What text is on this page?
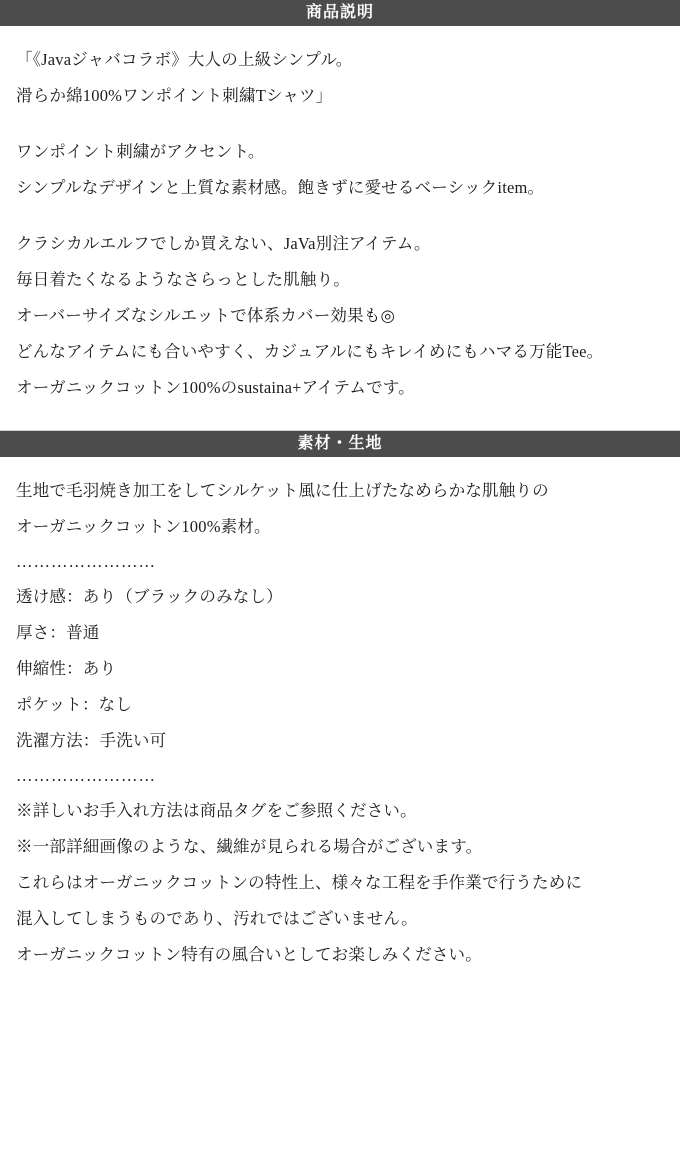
商品説明
「《Javaジャバコラボ》大人の上級シンプル。
滑らか綿100%ワンポイント刺繍Tシャツ」
ワンポイント刺繍がアクセント。
シンプルなデザインと上質な素材感。飽きずに愛せるベーシックitem。
クラシカルエルフでしか買えない、JaVa別注アイテム。
毎日着たくなるようなさらっとした肌触り。
オーバーサイズなシルエットで体系カバー効果も◎
どんなアイテムにも合いやすく、カジュアルにもキレイめにもハマる万能Tee。
オーガニックコットン100%のsustaina+アイテムです。
素材・生地
生地で毛羽焼き加工をしてシルケット風に仕上げたなめらかな肌触りの
オーガニックコットン100%素材。
……………………
透け感：あり（ブラックのみなし）
厚さ：普通
伸縮性：あり
ポケット：なし
洗濯方法：手洗い可
……………………
※詳しいお手入れ方法は商品タグをご参照ください。
※一部詳細画像のような、繊維が見られる場合がございます。
これらはオーガニックコットンの特性上、様々な工程を手作業で行うために
混入してしまうものであり、汚れではございません。
オーガニックコットン特有の風合いとしてお楽しみください。
